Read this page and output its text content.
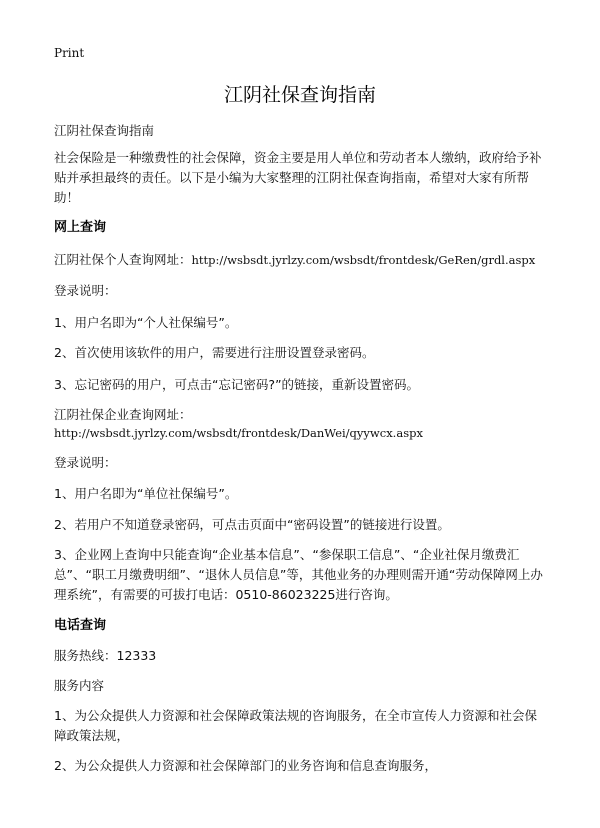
Print
江阴社保查询指南
江阴社保查询指南
社会保险是一种缴费性的社会保障，资金主要是用人单位和劳动者本人缴纳，政府给予补贴并承担最终的责任。以下是小编为大家整理的江阴社保查询指南，希望对大家有所帮助！
网上查询
江阴社保个人查询网址：http://wsbsdt.jyrlzy.com/wsbsdt/frontdesk/GeRen/grdl.aspx
登录说明：
1、用户名即为“个人社保编号”。
2、首次使用该软件的用户，需要进行注册设置登录密码。
3、忘记密码的用户，可点击“忘记密码?”的链接，重新设置密码。
江阴社保企业查询网址：
http://wsbsdt.jyrlzy.com/wsbsdt/frontdesk/DanWei/qyywcx.aspx
登录说明：
1、用户名即为“单位社保编号”。
2、若用户不知道登录密码，可点击页面中“密码设置”的链接进行设置。
3、企业网上查询中只能查询“企业基本信息”、“参保职工信息”、“企业社保月缴费汇总”、“职工月缴费明细”、“退休人员信息”等，其他业务的办理则需开通“劳动保障网上办理系统”，有需要的可拔打电话：0510-86023225进行咨询。
电话查询
服务热线：12333
服务内容
1、为公众提供人力资源和社会保障政策法规的咨询服务，在全市宣传人力资源和社会保障政策法规，
2、为公众提供人力资源和社会保障部门的业务咨询和信息查询服务，
